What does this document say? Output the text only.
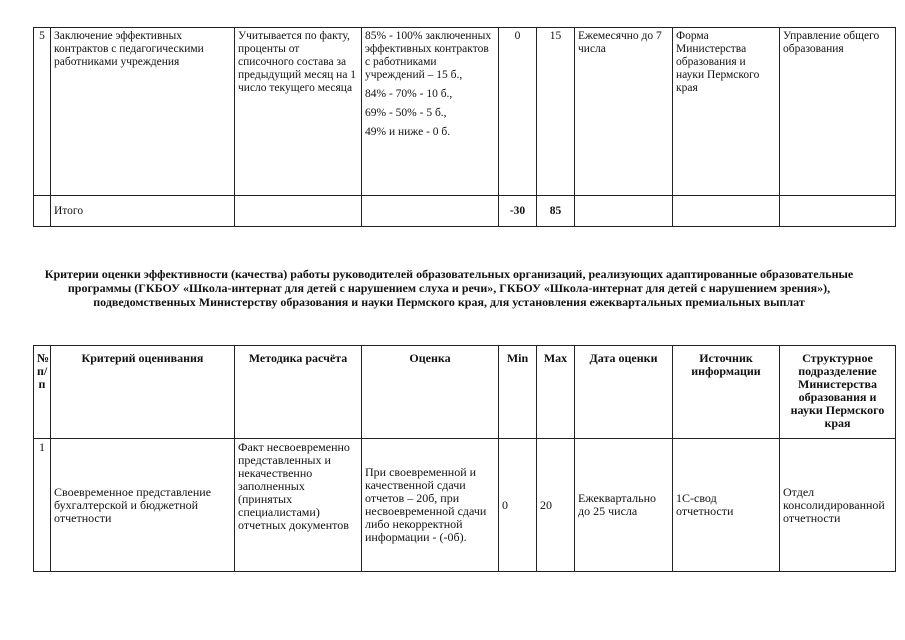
5	Заключение эффективных контрактов с педагогическими работниками учреждения	Учитывается по факту, проценты от списочного состава за предыдущий месяц на 1 число текущего месяца	85% - 100% заключенных эффективных контрактов с работниками учреждений – 15 б.,
84% - 70% - 10 б.,
69% - 50% - 5 б.,
49% и ниже - 0 б.	0	15	Ежемесячно до 7 числа	Форма Министерства образования и науки Пермского края	Управление общего образования
	Итого			-30	85			
Критерии оценки эффективности (качества) работы руководителей образовательных организаций, реализующих адаптированные образовательные программы (ГКБОУ «Школа-интернат для детей с нарушением слуха и речи», ГКБОУ «Школа-интернат для детей с нарушением зрения»), подведомственных Министерству образования и науки Пермского края, для установления ежеквартальных премиальных выплат
№ п/п	Критерий оценивания	Методика расчёта	Оценка	Min	Max	Дата оценки	Источник информации	Структурное подразделение Министерства образования и науки Пермского края
1	Своевременное представление бухгалтерской и бюджетной отчетности	Факт несвоевременно представленных и некачественно заполненных (принятых специалистами) отчетных документов	При своевременной и качественной сдачи отчетов – 20б, при несвоевременной сдачи либо некорректной информации - (-0б).	0	20	Ежеквартально до 25 числа	1С-свод отчетности	Отдел консолидированной отчетности
